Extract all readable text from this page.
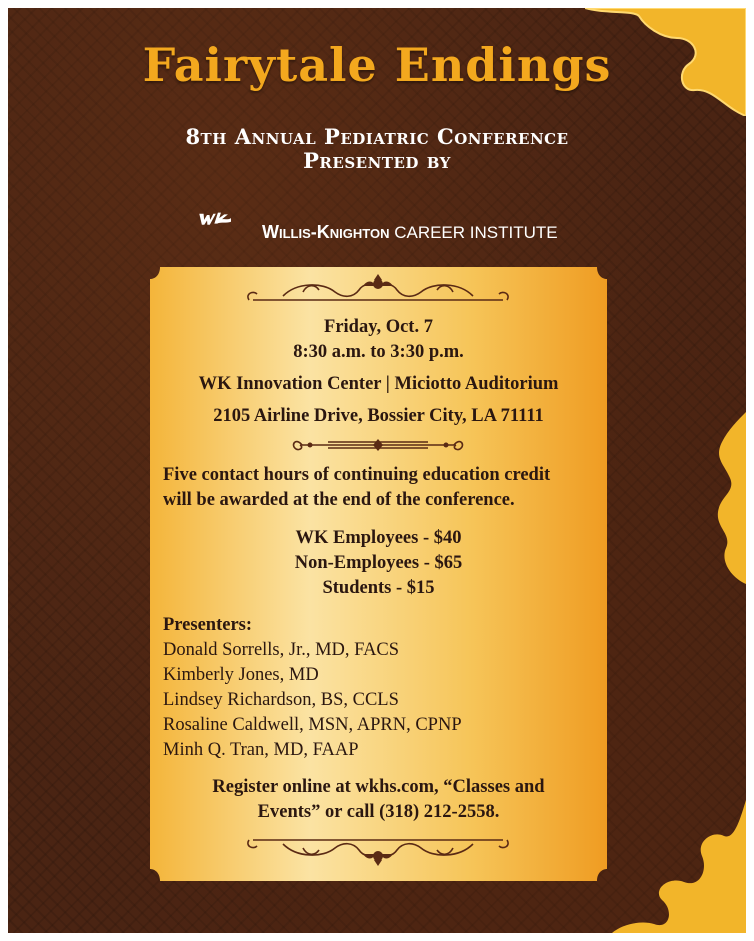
Fairytale Endings
8th Annual Pediatric Conference
Presented by
Willis-Knighton CAREER INSTITUTE
Friday, Oct. 7
8:30 a.m. to 3:30 p.m.
WK Innovation Center | Miciotto Auditorium
2105 Airline Drive, Bossier City, LA 71111
Five contact hours of continuing education credit
will be awarded at the end of the conference.
WK Employees - $40
Non-Employees - $65
Students - $15
Presenters:
Donald Sorrells, Jr., MD, FACS
Kimberly Jones, MD
Lindsey Richardson, BS, CCLS
Rosaline Caldwell, MSN, APRN, CPNP
Minh Q. Tran, MD, FAAP
Register online at wkhs.com, “Classes and
Events” or call (318) 212-2558.
